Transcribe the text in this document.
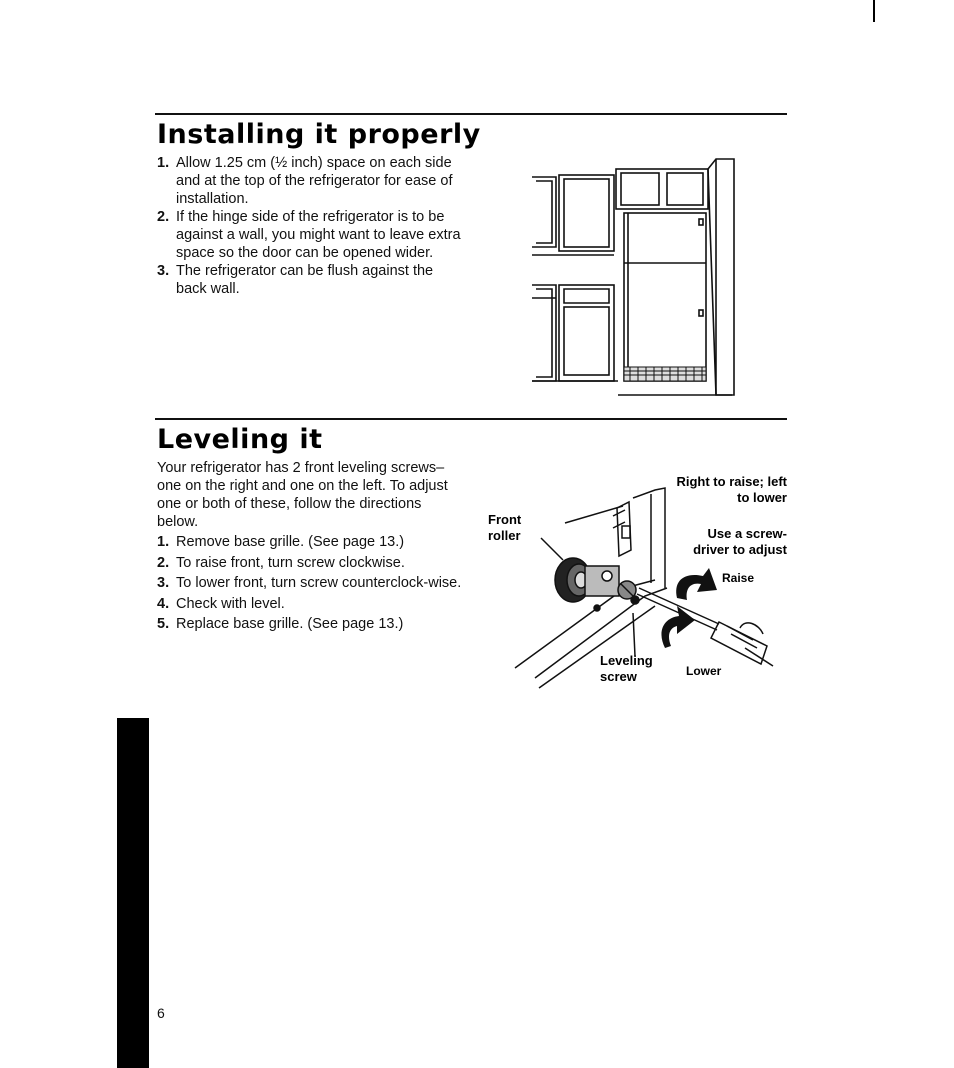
Installing it properly
1. Allow 1.25 cm (½ inch) space on each side and at the top of the refrigerator for ease of installation.
2. If the hinge side of the refrigerator is to be against a wall, you might want to leave extra space so the door can be opened wider.
3. The refrigerator can be flush against the back wall.
Leveling it
Your refrigerator has 2 front leveling screws–one on the right and one on the left. To adjust one or both of these, follow the directions below.
1. Remove base grille. (See page 13.)
2. To raise front, turn screw clockwise.
3. To lower front, turn screw counterclock-wise.
4. Check with level.
5. Replace base grille. (See page 13.)
Front roller
Right to raise; left to lower
Use a screw-driver to adjust
Raise
Leveling screw	Lower
6
